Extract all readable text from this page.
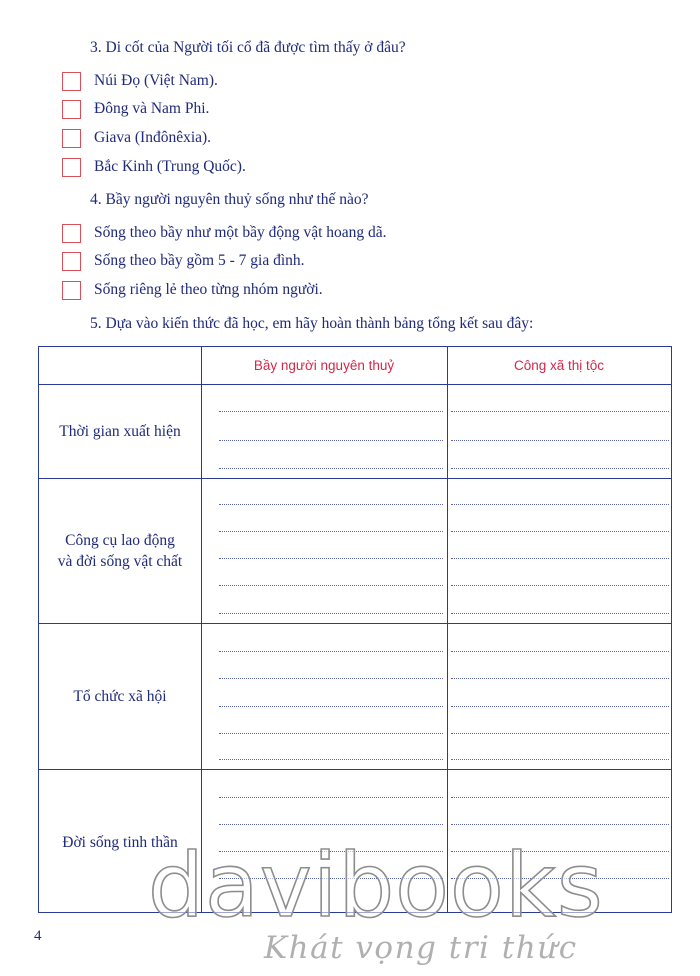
3. Di cốt của Người tối cổ đã được tìm thấy ở đâu?
Núi Đọ (Việt Nam).
Đông và Nam Phi.
Giava (Inđônêxia).
Bắc Kinh (Trung Quốc).
4. Bầy người nguyên thuỷ sống như thế nào?
Sống theo bầy như một bầy động vật hoang dã.
Sống theo bầy gồm 5 - 7 gia đình.
Sống riêng lẻ theo từng nhóm người.
5. Dựa vào kiến thức đã học, em hãy hoàn thành bảng tổng kết sau đây:
Bầy người nguyên thuỷ	Công xã thị tộc
Thời gian xuất hiện
Công cụ lao động
và đời sống vật chất
Tổ chức xã hội
Đời sống tinh thần
4 davibooks
Khát vọng tri thức
